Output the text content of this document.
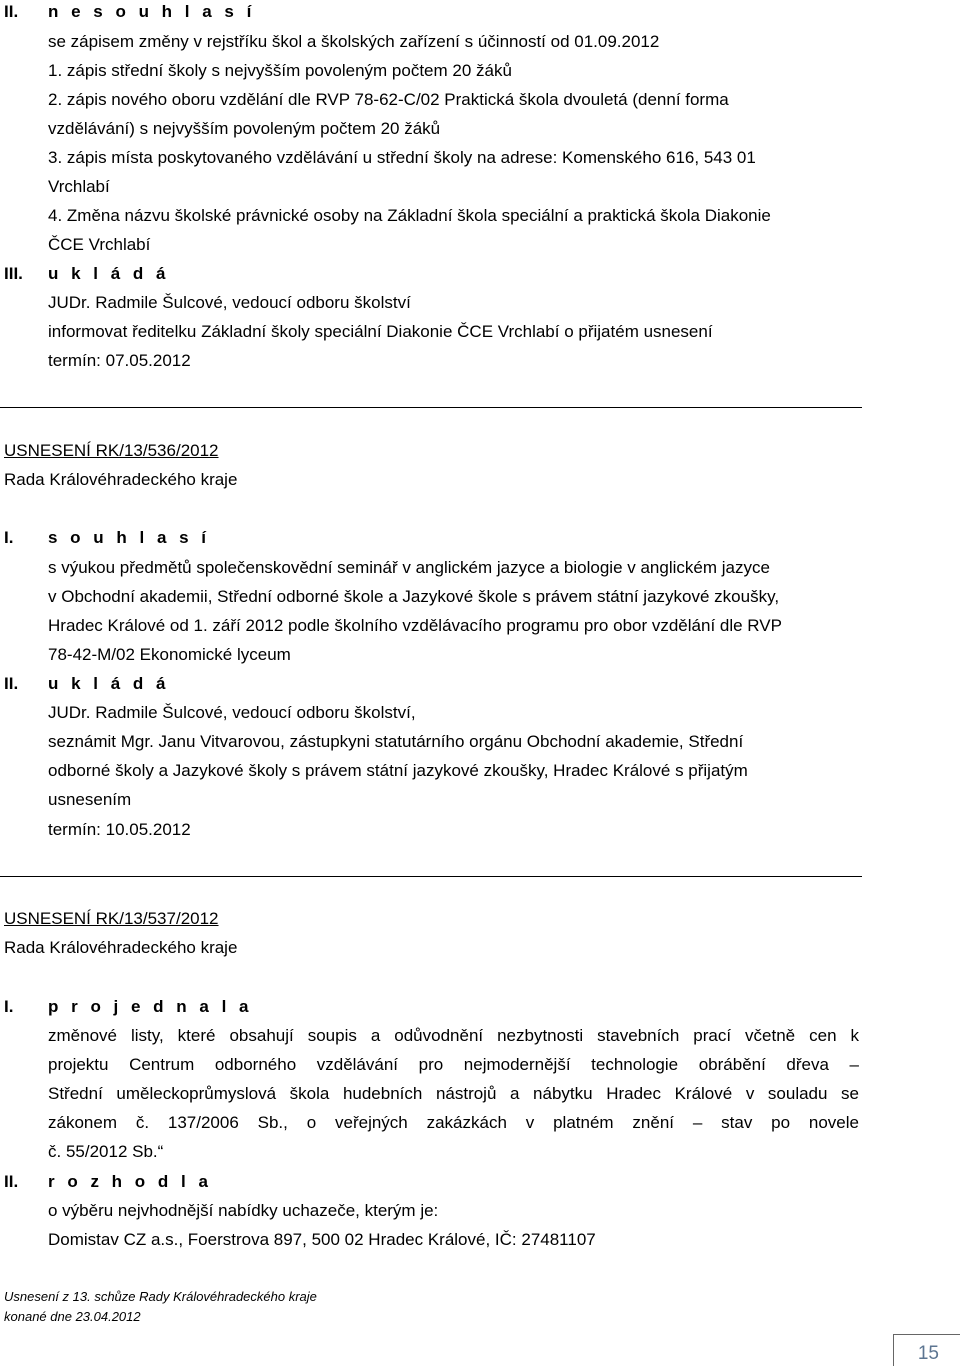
II. n e s o u h l a s í
se zápisem změny v rejstříku škol a školských zařízení s účinností od 01.09.2012
1. zápis střední školy s nejvyšším povoleným počtem 20 žáků
2. zápis nového oboru vzdělání dle RVP 78-62-C/02 Praktická škola dvouletá (denní forma
vzdělávání) s nejvyšším povoleným počtem 20 žáků
3. zápis místa poskytovaného vzdělávání u střední školy na adrese: Komenského 616, 543 01
Vrchlabí
4. Změna názvu školské právnické osoby na Základní škola speciální a praktická škola Diakonie
ČCE Vrchlabí
III. u k l á d á
JUDr. Radmile Šulcové, vedoucí odboru školství
informovat ředitelku Základní školy speciální Diakonie ČCE Vrchlabí o přijatém usnesení
termín: 07.05.2012
USNESENÍ RK/13/536/2012
Rada Královéhradeckého kraje
I. s o u h l a s í
s výukou předmětů společenskovědní seminář v anglickém jazyce a biologie v anglickém jazyce
v Obchodní akademii, Střední odborné škole a Jazykové škole s právem státní jazykové zkoušky,
Hradec Králové od 1. září 2012 podle školního vzdělávacího programu pro obor vzdělání dle RVP
78-42-M/02 Ekonomické lyceum
II. u k l á d á
JUDr. Radmile Šulcové, vedoucí odboru školství,
seznámit Mgr. Janu Vitvarovou, zástupkyni statutárního orgánu Obchodní akademie, Střední
odborné školy a Jazykové školy s právem státní jazykové zkoušky, Hradec Králové s přijatým
usnesením
termín: 10.05.2012
USNESENÍ RK/13/537/2012
Rada Královéhradeckého kraje
I. p r o j e d n a l a
změnové listy, které obsahují soupis a odůvodnění nezbytnosti stavebních prací včetně cen k
projektu Centrum odborného vzdělávání pro nejmodernější technologie obrábění dřeva –
Střední uměleckoprůmyslová škola hudebních nástrojů a nábytku Hradec Králové v souladu se
zákonem č. 137/2006 Sb., o veřejných zakázkách v platném znění – stav po novele
č. 55/2012 Sb.“
II. r o z h o d l a
o výběru nejvhodnější nabídky uchazeče, kterým je:
Domistav CZ a.s., Foerstrova 897, 500 02 Hradec Králové, IČ: 27481107
Usnesení z 13. schůze Rady Královéhradeckého kraje
konané dne 23.04.2012
15
